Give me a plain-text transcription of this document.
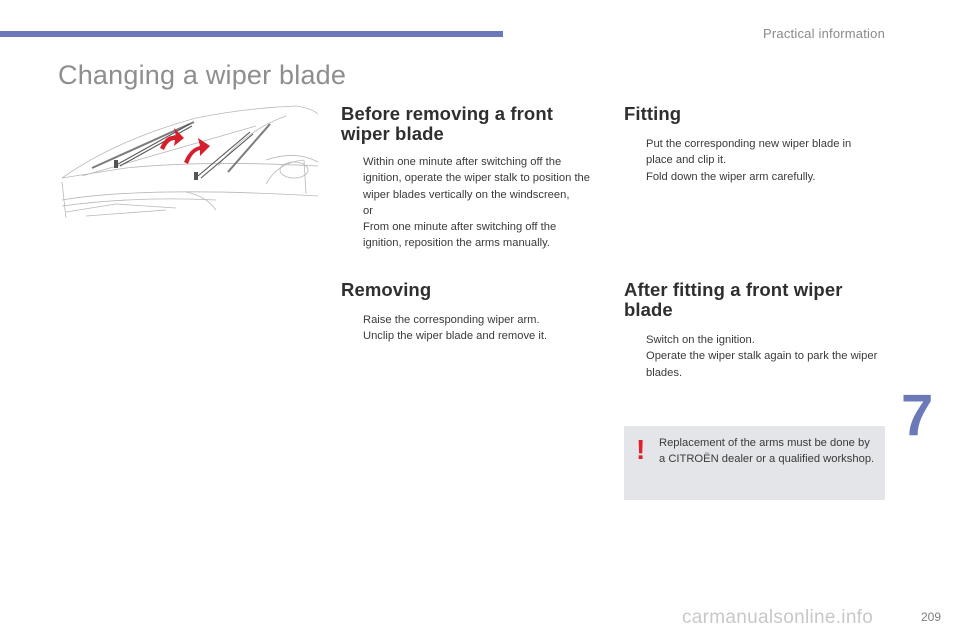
Practical information
Changing a wiper blade
Before removing a front
wiper blade
Within one minute after switching off the ignition, operate the wiper stalk to position the wiper blades vertically on the windscreen,
or
From one minute after switching off the ignition, reposition the arms manually.
Removing
Raise the corresponding wiper arm.
Unclip the wiper blade and remove it.
Fitting
Put the corresponding new wiper blade in place and clip it.
Fold down the wiper arm carefully.
After fitting a front wiper
blade
Switch on the ignition.
Operate the wiper stalk again to park the wiper blades.
! Replacement of the arms must be done by a CITROËN dealer or a qualified workshop.
7
carmanualsonline.info	209
